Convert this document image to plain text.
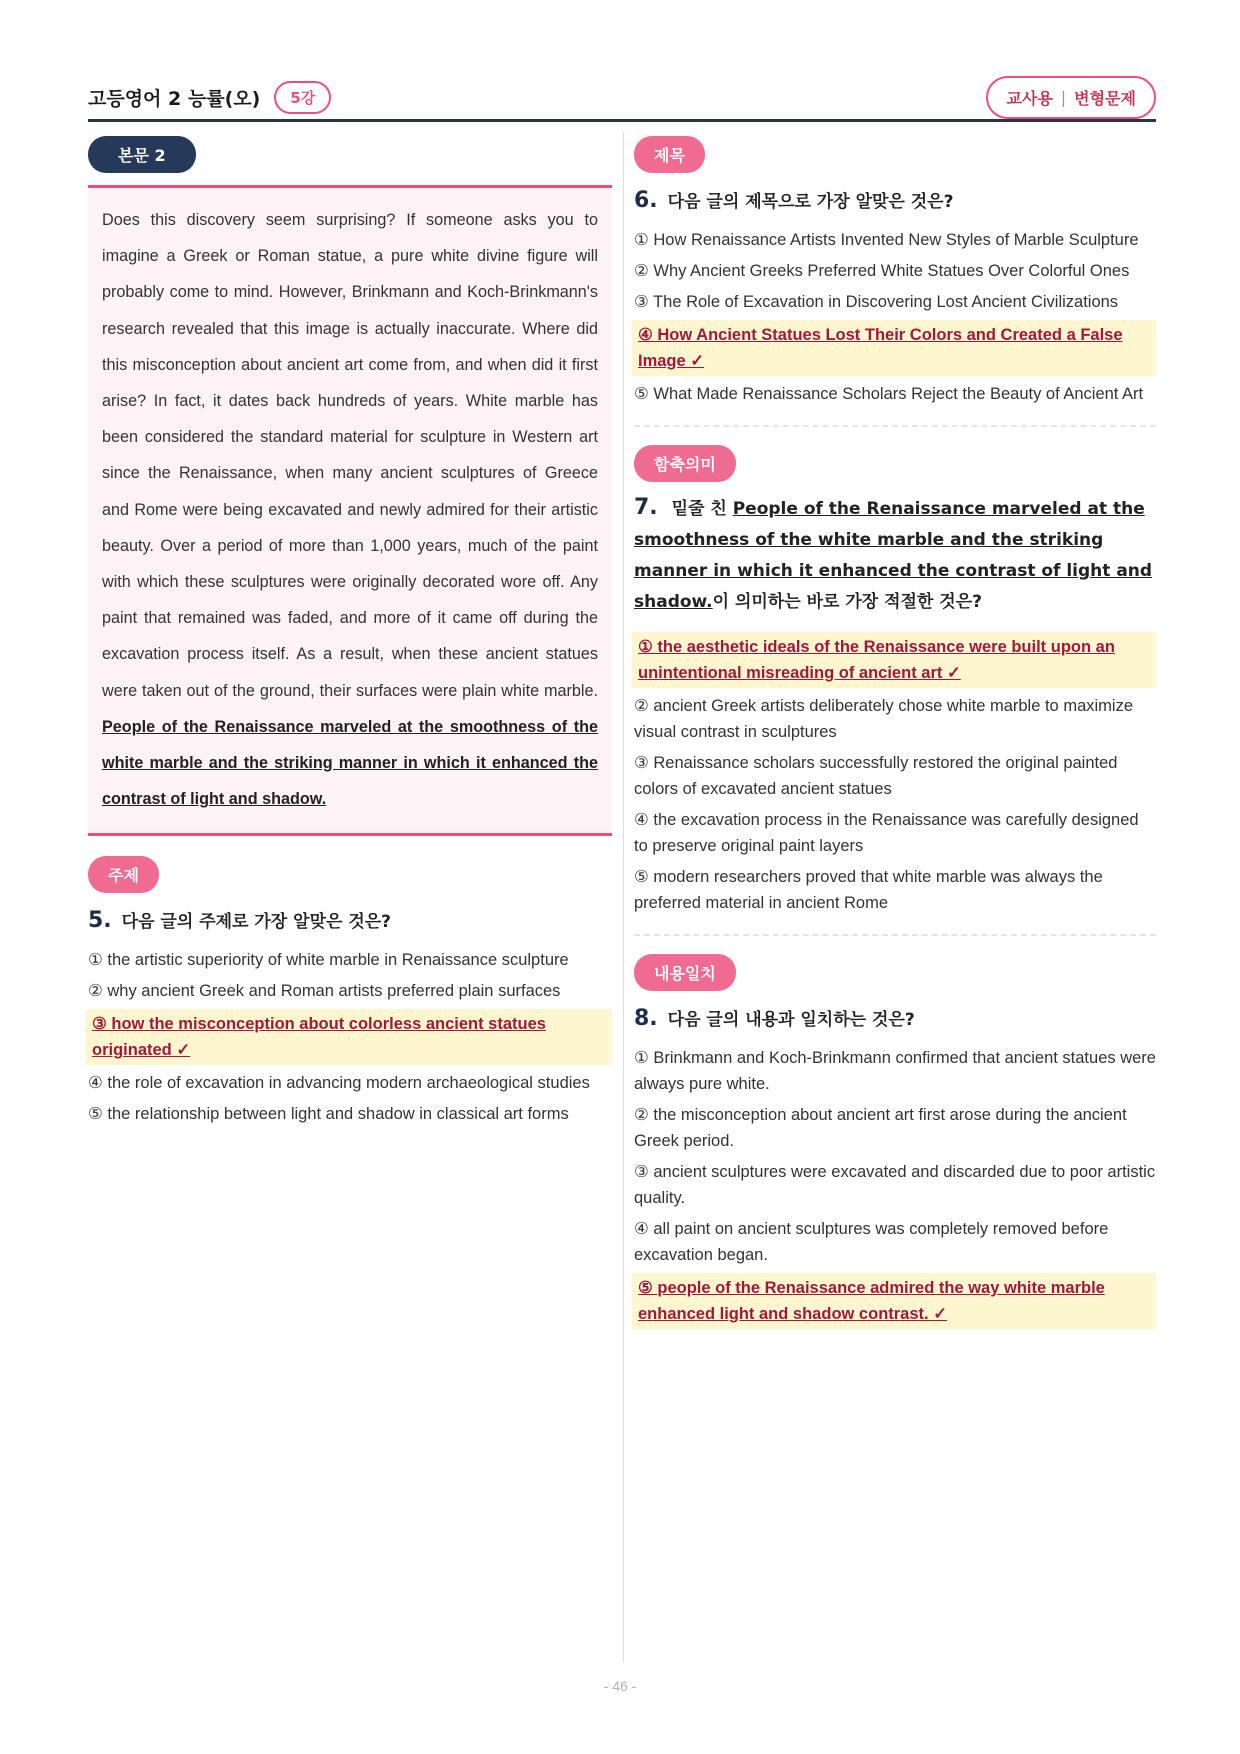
고등영어 2 능률(오)	5강	교사용 | 변형문제
본문 2

Does this discovery seem surprising? If someone asks you to imagine a Greek or Roman statue, a pure white divine figure will probably come to mind. However, Brinkmann and Koch-Brinkmann's research revealed that this image is actually inaccurate. Where did this misconception about ancient art come from, and when did it first arise? In fact, it dates back hundreds of years. White marble has been considered the standard material for sculpture in Western art since the Renaissance, when many ancient sculptures of Greece and Rome were being excavated and newly admired for their artistic beauty. Over a period of more than 1,000 years, much of the paint with which these sculptures were originally decorated wore off. Any paint that remained was faded, and more of it came off during the excavation process itself. As a result, when these ancient statues were taken out of the ground, their surfaces were plain white marble. People of the Renaissance marveled at the smoothness of the white marble and the striking manner in which it enhanced the contrast of light and shadow.

주제
5. 다음 글의 주제로 가장 알맞은 것은?
① the artistic superiority of white marble in Renaissance sculpture
② why ancient Greek and Roman artists preferred plain surfaces
③ how the misconception about colorless ancient statues originated ✓
④ the role of excavation in advancing modern archaeological studies
⑤ the relationship between light and shadow in classical art forms
제목
6. 다음 글의 제목으로 가장 알맞은 것은?
① How Renaissance Artists Invented New Styles of Marble Sculpture
② Why Ancient Greeks Preferred White Statues Over Colorful Ones
③ The Role of Excavation in Discovering Lost Ancient Civilizations
④ How Ancient Statues Lost Their Colors and Created a False Image ✓
⑤ What Made Renaissance Scholars Reject the Beauty of Ancient Art
함축의미
7. 밑줄 친 People of the Renaissance marveled at the smoothness of the white marble and the striking manner in which it enhanced the contrast of light and shadow.이 의미하는 바로 가장 적절한 것은?
① the aesthetic ideals of the Renaissance were built upon an unintentional misreading of ancient art ✓
② ancient Greek artists deliberately chose white marble to maximize visual contrast in sculptures
③ Renaissance scholars successfully restored the original painted colors of excavated ancient statues
④ the excavation process in the Renaissance was carefully designed to preserve original paint layers
⑤ modern researchers proved that white marble was always the preferred material in ancient Rome
내용일치
8. 다음 글의 내용과 일치하는 것은?
① Brinkmann and Koch-Brinkmann confirmed that ancient statues were always pure white.
② the misconception about ancient art first arose during the ancient Greek period.
③ ancient sculptures were excavated and discarded due to poor artistic quality.
④ all paint on ancient sculptures was completely removed before excavation began.
⑤ people of the Renaissance admired the way white marble enhanced light and shadow contrast. ✓
- 46 -
